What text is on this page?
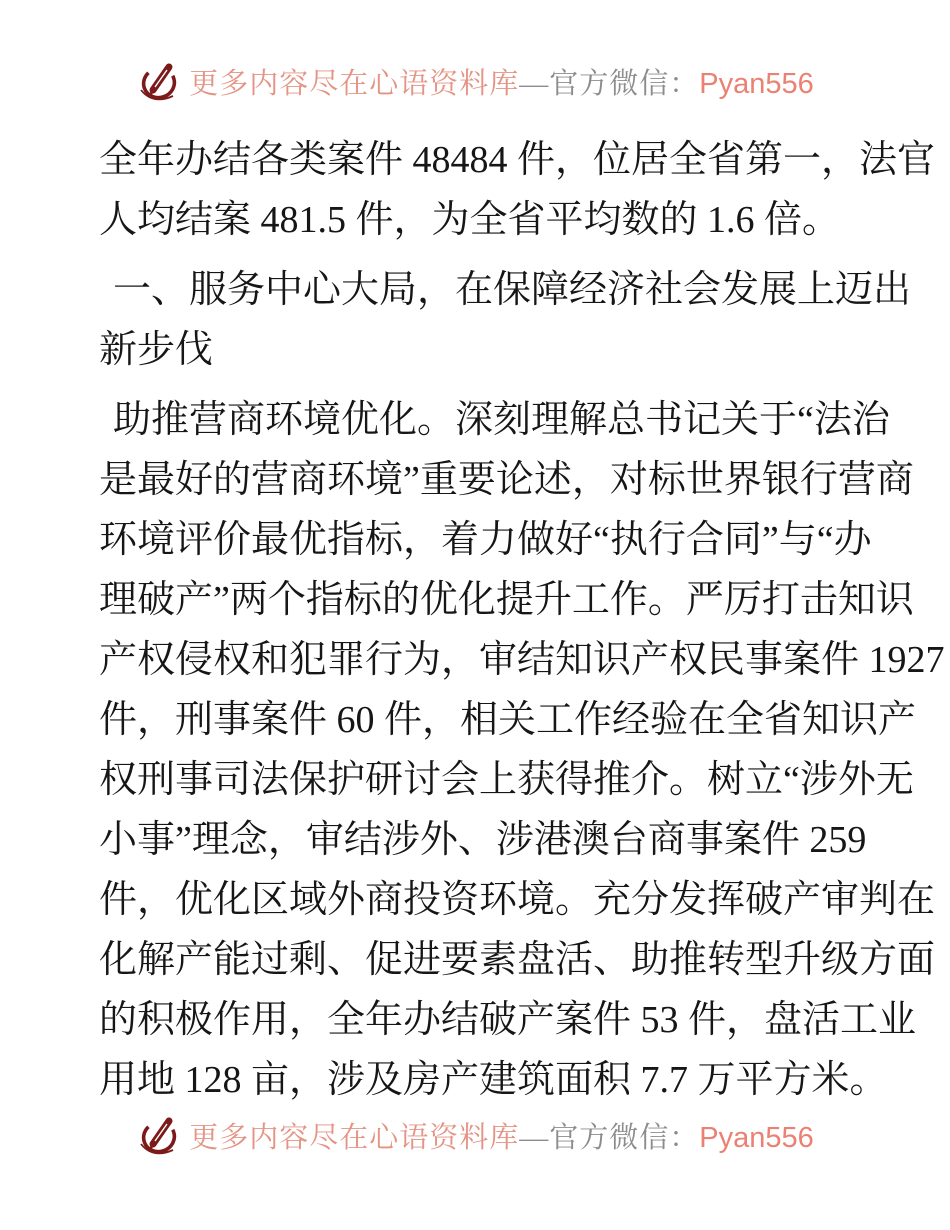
更多内容尽在心语资料库—官方微信：Pyan556
全年办结各类案件 48484 件，位居全省第一，法官
人均结案 481.5 件，为全省平均数的 1.6 倍。
一、服务中心大局，在保障经济社会发展上迈出
新步伐
助推营商环境优化。深刻理解总书记关于“法治
是最好的营商环境”重要论述，对标世界银行营商
环境评价最优指标，着力做好“执行合同”与“办
理破产”两个指标的优化提升工作。严厉打击知识
产权侵权和犯罪行为，审结知识产权民事案件 1927
件，刑事案件 60 件，相关工作经验在全省知识产
权刑事司法保护研讨会上获得推介。树立“涉外无
小事”理念，审结涉外、涉港澳台商事案件 259
件，优化区域外商投资环境。充分发挥破产审判在
化解产能过剩、促进要素盘活、助推转型升级方面
的积极作用，全年办结破产案件 53 件，盘活工业
用地 128 亩，涉及房产建筑面积 7.7 万平方米。
更多内容尽在心语资料库—官方微信：Pyan556
